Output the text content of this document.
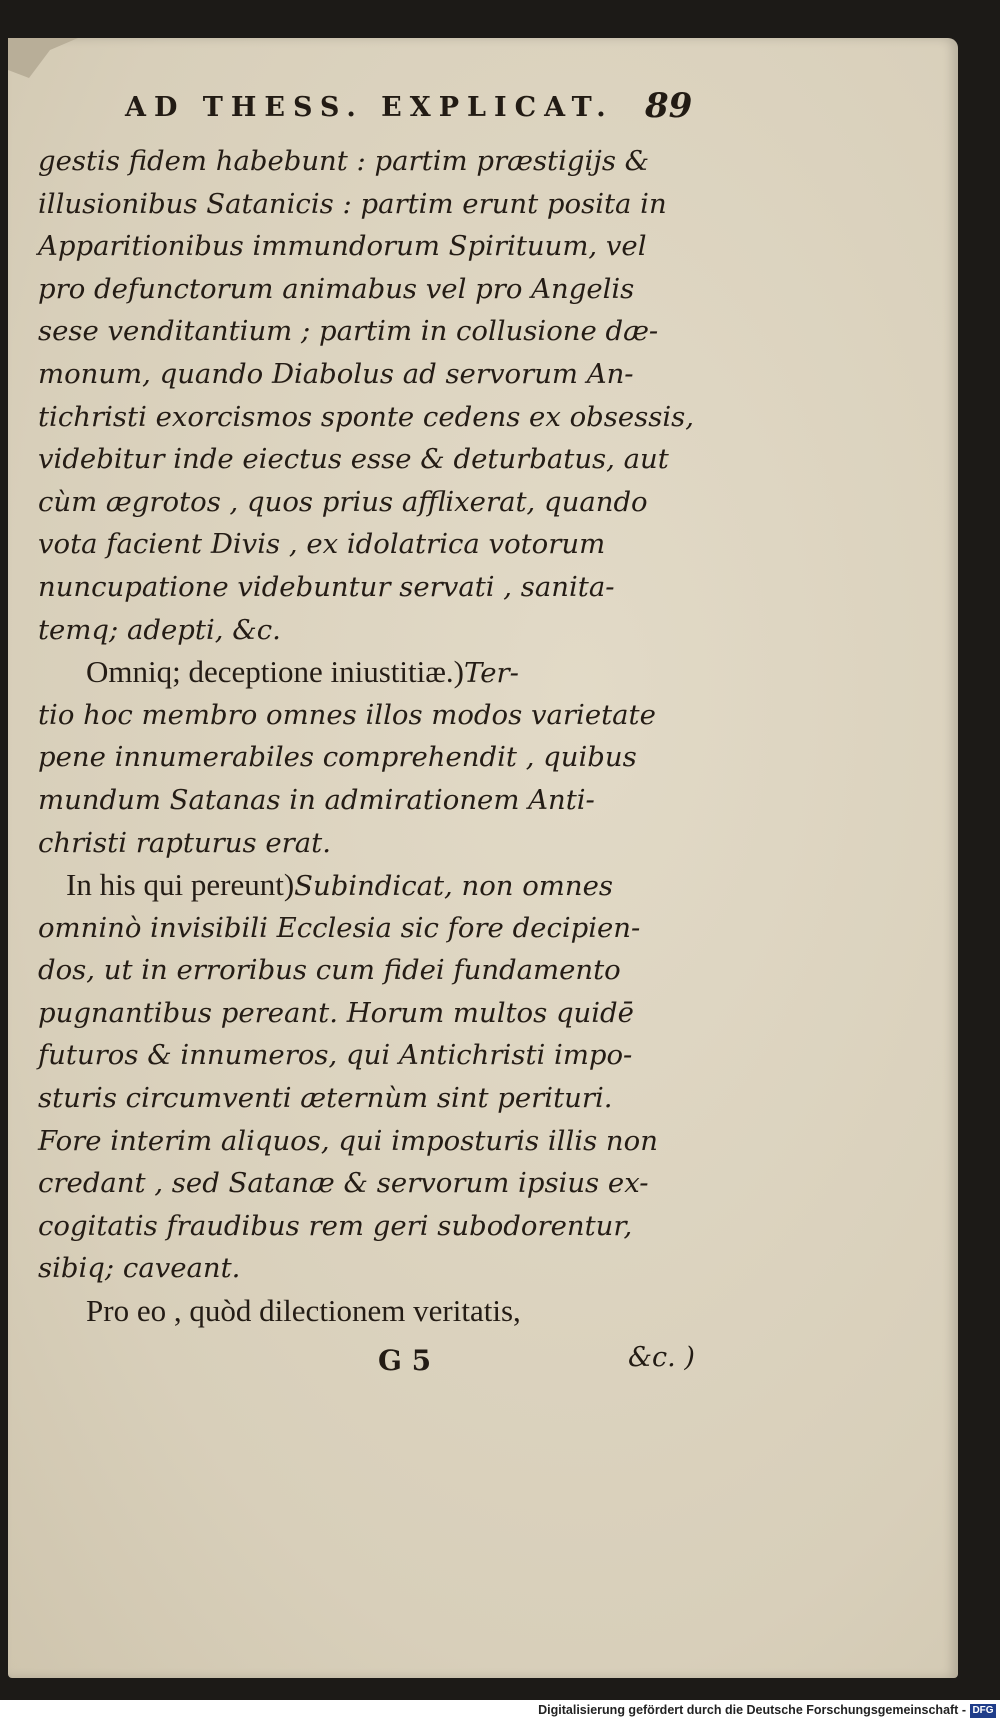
AD THESS. EXPLICAT. 89
gestis fidem habebunt : partim præstigijs &
illusionibus Satanicis : partim erunt posita in
Apparitionibus immundorum Spirituum, vel
pro defunctorum animabus vel pro Angelis
sese venditantium ; partim in collusione dæ-
monum, quando Diabolus ad servorum An-
tichristi exorcismos sponte cedens ex obsessis,
videbitur inde eiectus esse & deturbatus, aut
cùm ægrotos , quos prius afflixerat, quando
vota facient Divis , ex idolatrica votorum
nuncupatione videbuntur servati , sanita-
temq; adepti, &c.
Omniq; deceptione iniustitiæ.)Ter-
tio hoc membro omnes illos modos varietate
pene innumerabiles comprehendit , quibus
mundum Satanas in admirationem Anti-
christi rapturus erat.
In his qui pereunt)Subindicat, non omnes
omninò invisibili Ecclesia sic fore decipien-
dos, ut in erroribus cum fidei fundamento
pugnantibus pereant. Horum multos quidē
futuros & innumeros, qui Antichristi impo-
sturis circumventi æternùm sint perituri.
Fore interim aliquos, qui imposturis illis non
credant , sed Satanæ & servorum ipsius ex-
cogitatis fraudibus rem geri subodorentur,
sibiq; caveant.
Pro eo , quòd dilectionem veritatis,
G 5	&c. )
Digitalisierung gefördert durch die Deutsche Forschungsgemeinschaft - DFG
